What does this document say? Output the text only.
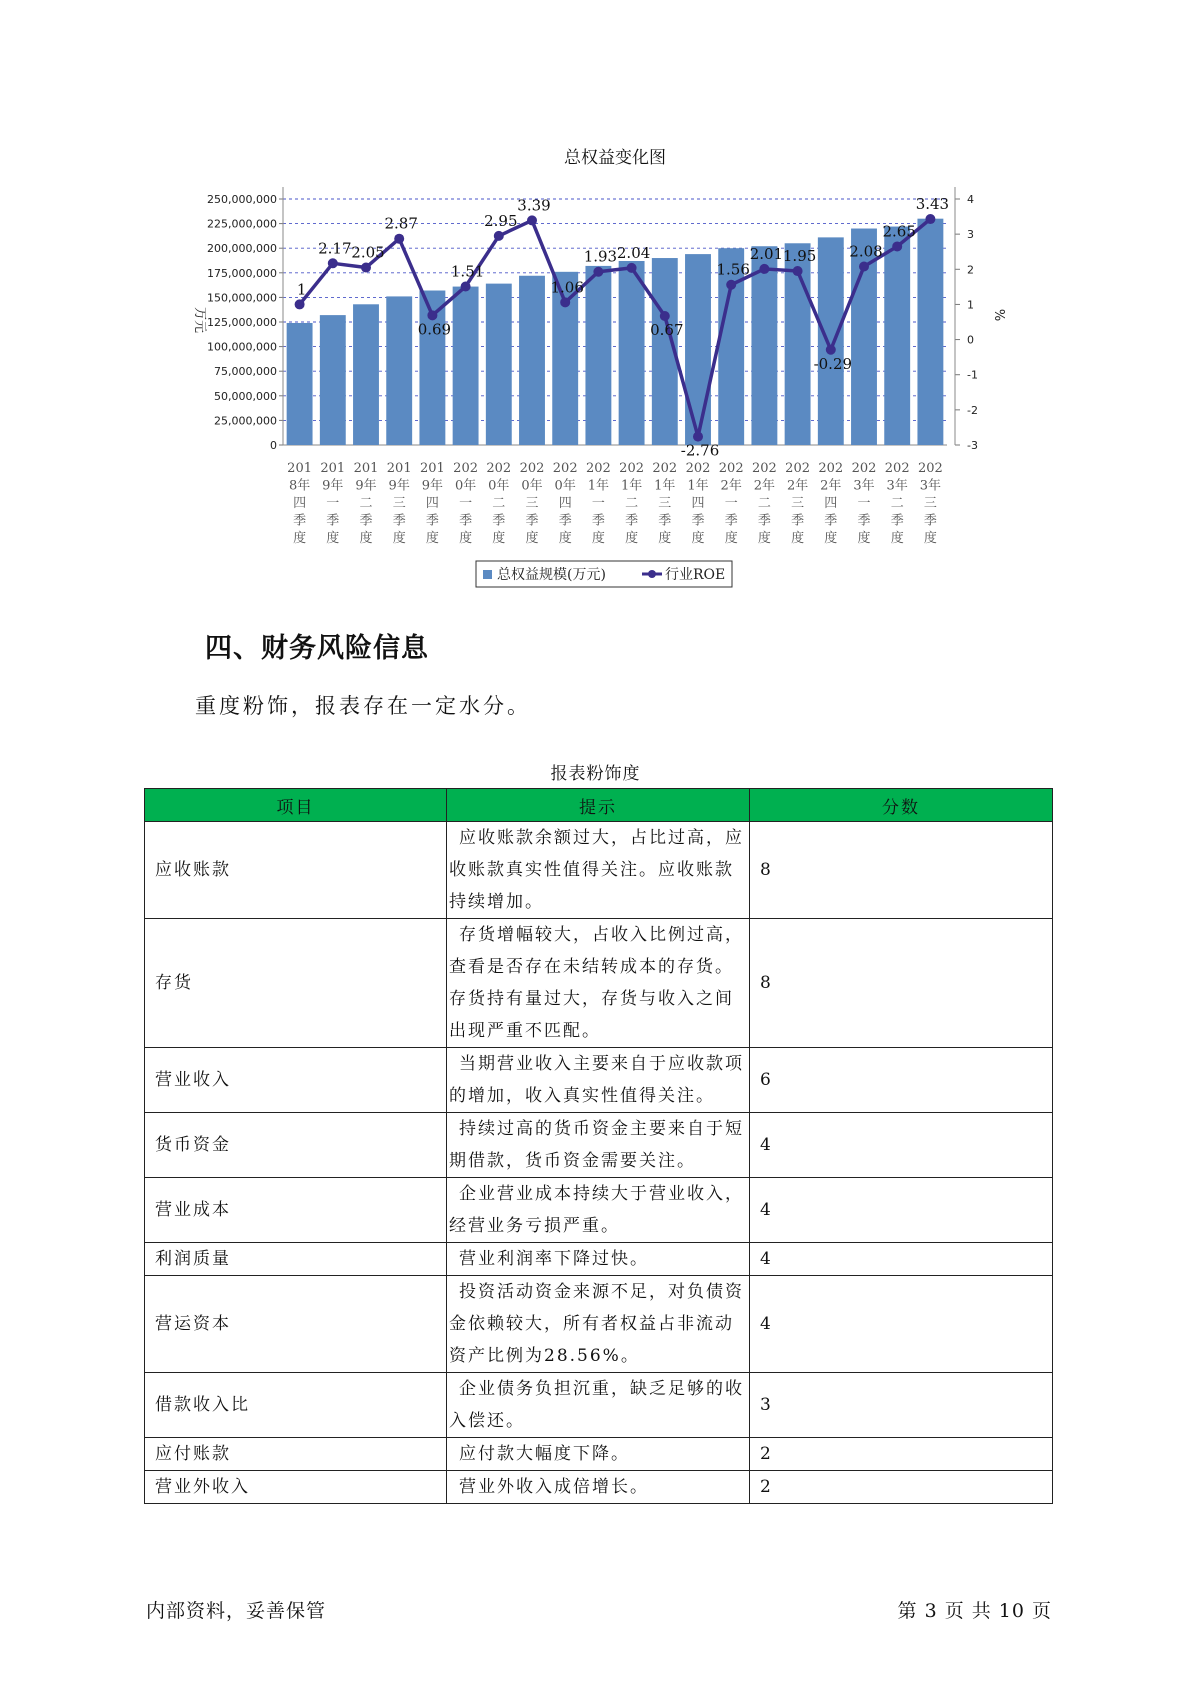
总权益变化图
0
25,000,000
50,000,000
75,000,000
100,000,000
125,000,000
150,000,000
175,000,000
200,000,000
225,000,000
250,000,000
-3
-2
-1
0
1
2
3
4
万元	%
1
2.17 2.05
2.87
0.69
1.51
2.95
3.39
1.06
1.93 2.04
0.67
-2.76
1.56
2.01 1.95
-0.29
2.08
2.65
3.43
201
8年
四
季
度
201
9年
一
季
度
201
9年
二
季
度
201
9年
三
季
度
201
9年
四
季
度
202
0年
一
季
度
202
0年
二
季
度
202
0年
三
季
度
202
0年
四
季
度
202
1年
一
季
度
202
1年
二
季
度
202
1年
三
季
度
202
1年
四
季
度
202
2年
一
季
度
202
2年
二
季
度
202
2年
三
季
度
202
2年
四
季
度
202
3年
一
季
度
202
3年
二
季
度
202
3年
三
季
度
总权益规模(万元)	行业ROE
四、财务风险信息

重度粉饰，报表存在一定水分。

报表粉饰度
项目	提示	分数
应收账款	应收账款余额过大，占比过高，应收账款真实性值得关注。应收账款持续增加。	8
存货	存货增幅较大，占收入比例过高，查看是否存在未结转成本的存货。存货持有量过大，存货与收入之间出现严重不匹配。	8
营业收入	当期营业收入主要来自于应收款项的增加，收入真实性值得关注。	6
货币资金	持续过高的货币资金主要来自于短期借款，货币资金需要关注。	4
营业成本	企业营业成本持续大于营业收入，经营业务亏损严重。	4
利润质量	营业利润率下降过快。	4
营运资本	投资活动资金来源不足，对负债资金依赖较大，所有者权益占非流动资产比例为28.56%。	4
借款收入比	企业债务负担沉重，缺乏足够的收入偿还。	3
应付账款	应付款大幅度下降。	2
营业外收入	营业外收入成倍增长。	2
内部资料，妥善保管	第 3 页 共 10 页
